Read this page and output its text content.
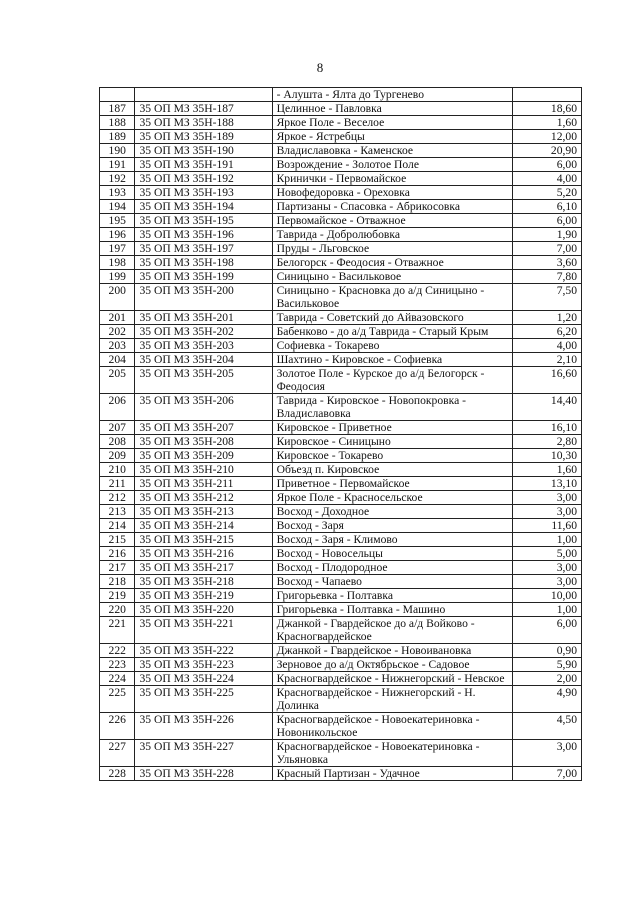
8
		- Алушта - Ялта до Тургенево	
187	35 ОП МЗ 35Н-187	Целинное - Павловка	18,60
188	35 ОП МЗ 35Н-188	Яркое Поле - Веселое	1,60
189	35 ОП МЗ 35Н-189	Яркое - Ястребцы	12,00
190	35 ОП МЗ 35Н-190	Владиславовка - Каменское	20,90
191	35 ОП МЗ 35Н-191	Возрождение - Золотое Поле	6,00
192	35 ОП МЗ 35Н-192	Кринички - Первомайское	4,00
193	35 ОП МЗ 35Н-193	Новофедоровка - Ореховка	5,20
194	35 ОП МЗ 35Н-194	Партизаны - Спасовка - Абрикосовка	6,10
195	35 ОП МЗ 35Н-195	Первомайское - Отважное	6,00
196	35 ОП МЗ 35Н-196	Таврида - Добролюбовка	1,90
197	35 ОП МЗ 35Н-197	Пруды - Льговское	7,00
198	35 ОП МЗ 35Н-198	Белогорск - Феодосия - Отважное	3,60
199	35 ОП МЗ 35Н-199	Синицыно - Васильковое	7,80
200	35 ОП МЗ 35Н-200	Синицыно - Красновка до а/д Синицыно - Васильковое	7,50
201	35 ОП МЗ 35Н-201	Таврида - Советский до Айвазовского	1,20
202	35 ОП МЗ 35Н-202	Бабенково - до а/д Таврида - Старый Крым	6,20
203	35 ОП МЗ 35Н-203	Софиевка - Токарево	4,00
204	35 ОП МЗ 35Н-204	Шахтино - Кировское - Софиевка	2,10
205	35 ОП МЗ 35Н-205	Золотое Поле - Курское до а/д Белогорск - Феодосия	16,60
206	35 ОП МЗ 35Н-206	Таврида - Кировское - Новопокровка - Владиславовка	14,40
207	35 ОП МЗ 35Н-207	Кировское - Приветное	16,10
208	35 ОП МЗ 35Н-208	Кировское - Синицыно	2,80
209	35 ОП МЗ 35Н-209	Кировское - Токарево	10,30
210	35 ОП МЗ 35Н-210	Объезд п. Кировское	1,60
211	35 ОП МЗ 35Н-211	Приветное - Первомайское	13,10
212	35 ОП МЗ 35Н-212	Яркое Поле - Красносельское	3,00
213	35 ОП МЗ 35Н-213	Восход - Доходное	3,00
214	35 ОП МЗ 35Н-214	Восход - Заря	11,60
215	35 ОП МЗ 35Н-215	Восход - Заря - Климово	1,00
216	35 ОП МЗ 35Н-216	Восход - Новосельцы	5,00
217	35 ОП МЗ 35Н-217	Восход - Плодородное	3,00
218	35 ОП МЗ 35Н-218	Восход - Чапаево	3,00
219	35 ОП МЗ 35Н-219	Григорьевка - Полтавка	10,00
220	35 ОП МЗ 35Н-220	Григорьевка - Полтавка - Машино	1,00
221	35 ОП МЗ 35Н-221	Джанкой - Гвардейское до а/д Войково - Красногвардейское	6,00
222	35 ОП МЗ 35Н-222	Джанкой - Гвардейское - Новоивановка	0,90
223	35 ОП МЗ 35Н-223	Зерновое до а/д Октябрьское - Садовое	5,90
224	35 ОП МЗ 35Н-224	Красногвардейское - Нижнегорский - Невское	2,00
225	35 ОП МЗ 35Н-225	Красногвардейское - Нижнегорский - Н. Долинка	4,90
226	35 ОП МЗ 35Н-226	Красногвардейское - Новоекатериновка - Новоникольское	4,50
227	35 ОП МЗ 35Н-227	Красногвардейское - Новоекатериновка - Ульяновка	3,00
228	35 ОП МЗ 35Н-228	Красный Партизан - Удачное	7,00
